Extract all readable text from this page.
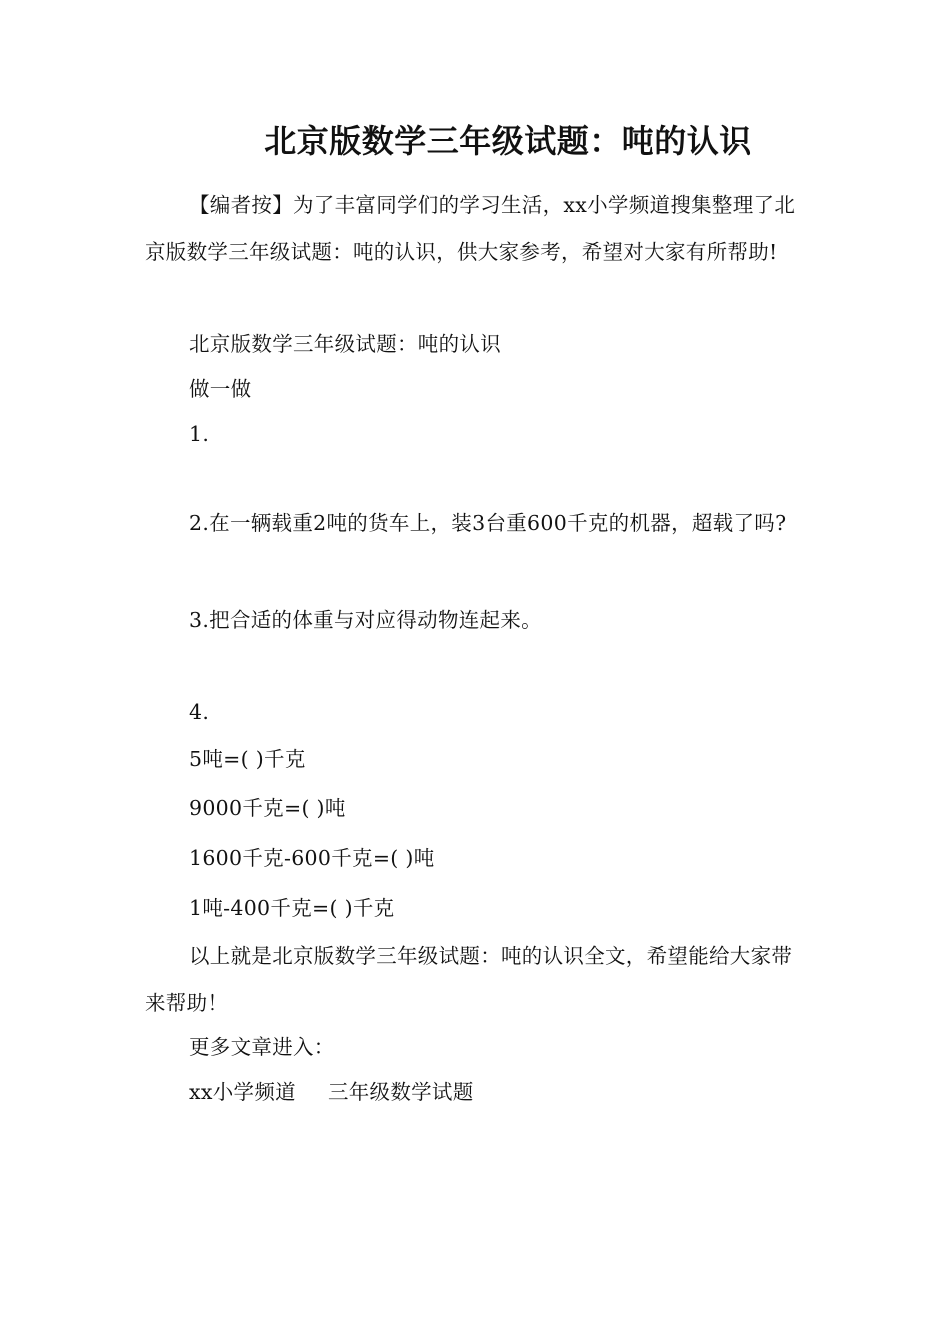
北京版数学三年级试题：吨的认识
【编者按】为了丰富同学们的学习生活，xx小学频道搜集整理了北京版数学三年级试题：吨的认识，供大家参考，希望对大家有所帮助!
北京版数学三年级试题：吨的认识
做一做
1.
2.在一辆载重2吨的货车上，装3台重600千克的机器，超载了吗?
3.把合适的体重与对应得动物连起来。
4.
5吨=( )千克
9000千克=( )吨
1600千克-600千克=( )吨
1吨-400千克=( )千克
以上就是北京版数学三年级试题：吨的认识全文，希望能给大家带来帮助！
更多文章进入：
xx小学频道 三年级数学试题
